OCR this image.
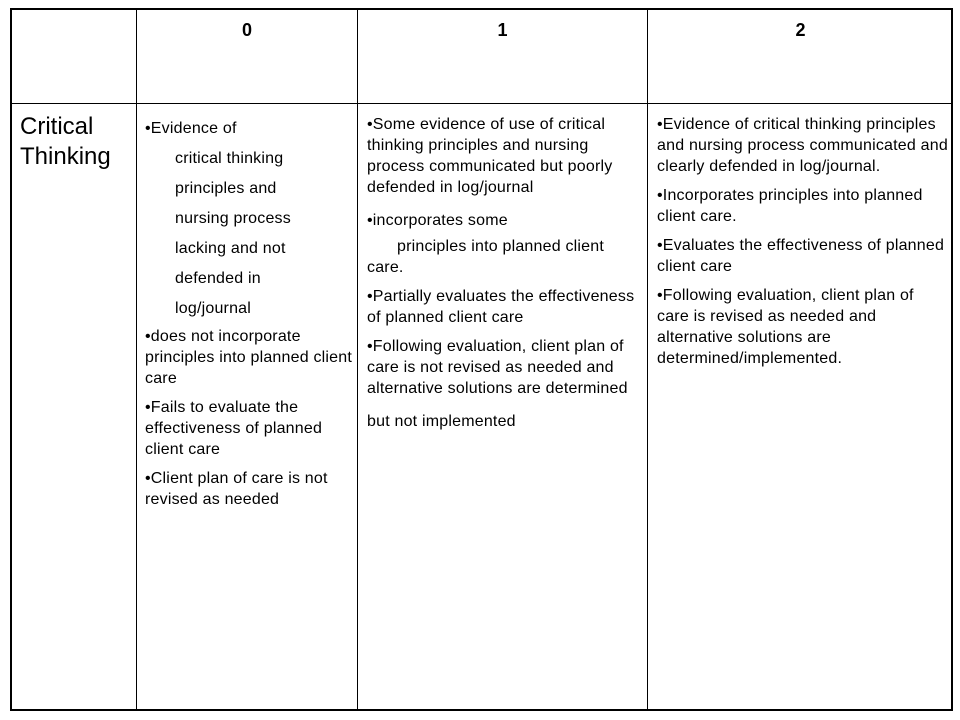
0	1	2
Critical Thinking
•Evidence of
critical thinking
principles and
nursing process
lacking and not
defended in
log/journal
•does not incorporate principles into planned client care
•Fails to evaluate the effectiveness of planned client care
•Client plan of care is not revised as needed
•Some evidence of use of critical thinking principles and nursing process communicated but poorly defended in log/journal
•incorporates some
principles into planned client care.
•Partially evaluates the effectiveness of planned client care
•Following evaluation, client plan of care is not revised as needed and alternative solutions are determined
but not implemented
•Evidence of critical thinking principles and nursing process communicated and clearly defended in log/journal.
•Incorporates principles into planned client care.
•Evaluates the effectiveness of planned client care
•Following evaluation, client plan of care is revised as needed and alternative solutions are determined/implemented.
